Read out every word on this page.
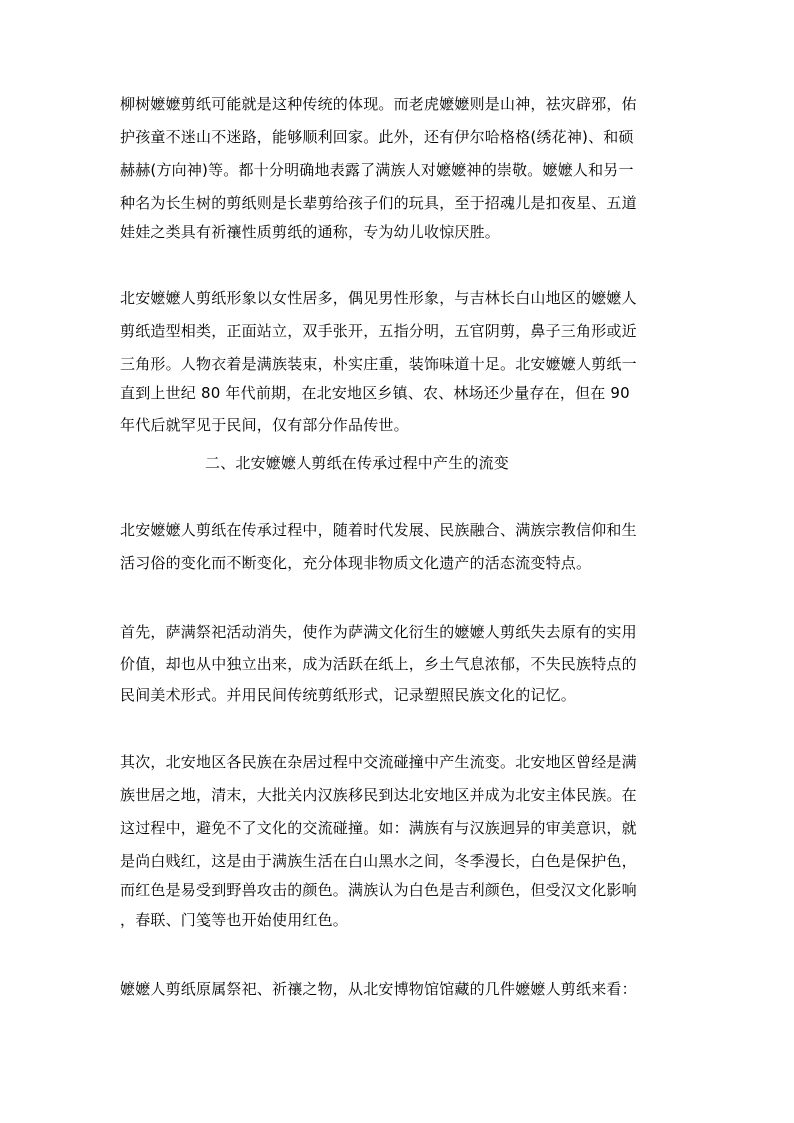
柳树嬷嬷剪纸可能就是这种传统的体现。而老虎嬷嬷则是山神，祛灾辟邪，佑
护孩童不迷山不迷路，能够顺利回家。此外，还有伊尔哈格格(绣花神)、和硕
赫赫(方向神)等。都十分明确地表露了满族人对嬷嬷神的崇敬。嬷嬷人和另一
种名为长生树的剪纸则是长辈剪给孩子们的玩具，至于招魂儿是扣夜星、五道
娃娃之类具有祈禳性质剪纸的通称，专为幼儿收惊厌胜。
北安嬷嬷人剪纸形象以女性居多，偶见男性形象，与吉林长白山地区的嬷嬷人
剪纸造型相类，正面站立，双手张开，五指分明，五官阴剪，鼻子三角形或近
三角形。人物衣着是满族装束，朴实庄重，装饰味道十足。北安嬷嬷人剪纸一
直到上世纪 80 年代前期，在北安地区乡镇、农、林场还少量存在，但在 90
年代后就罕见于民间，仅有部分作品传世。
二、北安嬷嬷人剪纸在传承过程中产生的流变
北安嬷嬷人剪纸在传承过程中，随着时代发展、民族融合、满族宗教信仰和生
活习俗的变化而不断变化，充分体现非物质文化遗产的活态流变特点。
首先，萨满祭祀活动消失，使作为萨满文化衍生的嬷嬷人剪纸失去原有的实用
价值，却也从中独立出来，成为活跃在纸上，乡土气息浓郁，不失民族特点的
民间美术形式。并用民间传统剪纸形式，记录塑照民族文化的记忆。
其次，北安地区各民族在杂居过程中交流碰撞中产生流变。北安地区曾经是满
族世居之地，清末，大批关内汉族移民到达北安地区并成为北安主体民族。在
这过程中，避免不了文化的交流碰撞。如：满族有与汉族迥异的审美意识，就
是尚白贱红，这是由于满族生活在白山黑水之间，冬季漫长，白色是保护色，
而红色是易受到野兽攻击的颜色。满族认为白色是吉利颜色，但受汉文化影响
，春联、门笺等也开始使用红色。
嬷嬷人剪纸原属祭祀、祈禳之物，从北安博物馆馆藏的几件嬷嬷人剪纸来看：
